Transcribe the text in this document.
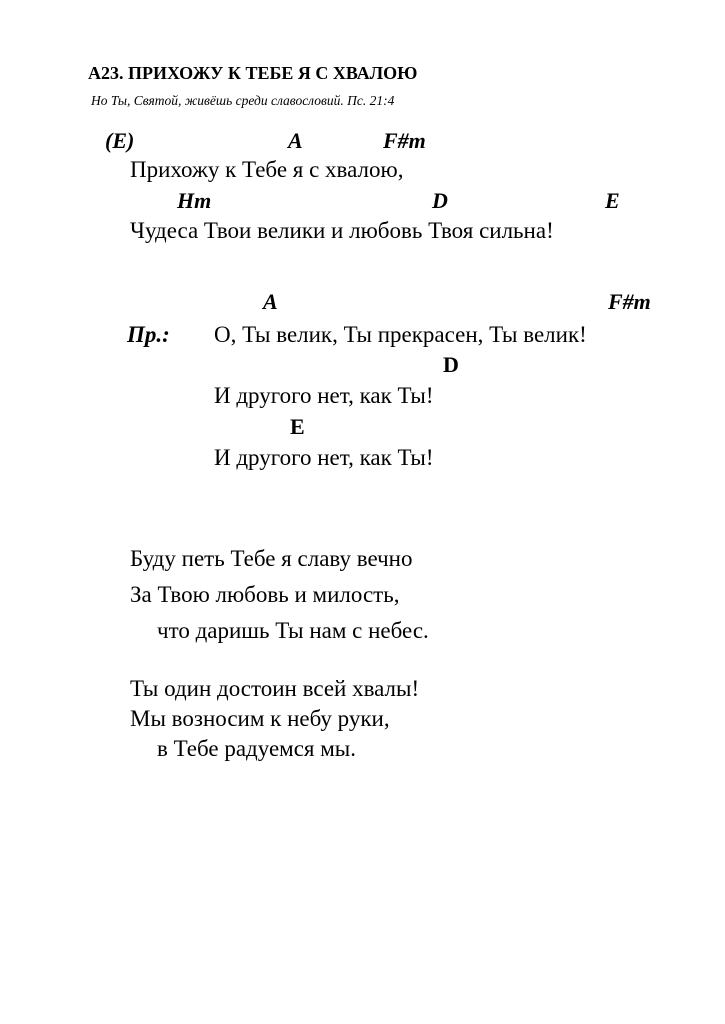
А23. ПРИХОЖУ К ТЕБЕ Я С ХВАЛОЮ
Но Ты, Святой, живёшь среди славословий. Пс. 21:4
(E)	A	F#m
Прихожу к Тебе я с хвалою,
Hm	D	E
Чудеса Твои велики и любовь Твоя сильна!
A	F#m
Пр.: О, Ты велик, Ты прекрасен, Ты велик!
D
И другого нет, как Ты!
E
И другого нет, как Ты!
Буду петь Тебе я славу вечно
За Твою любовь и милость,
что даришь Ты нам с небес.
Ты один достоин всей хвалы!
Мы возносим к небу руки,
в Тебе радуемся мы.
